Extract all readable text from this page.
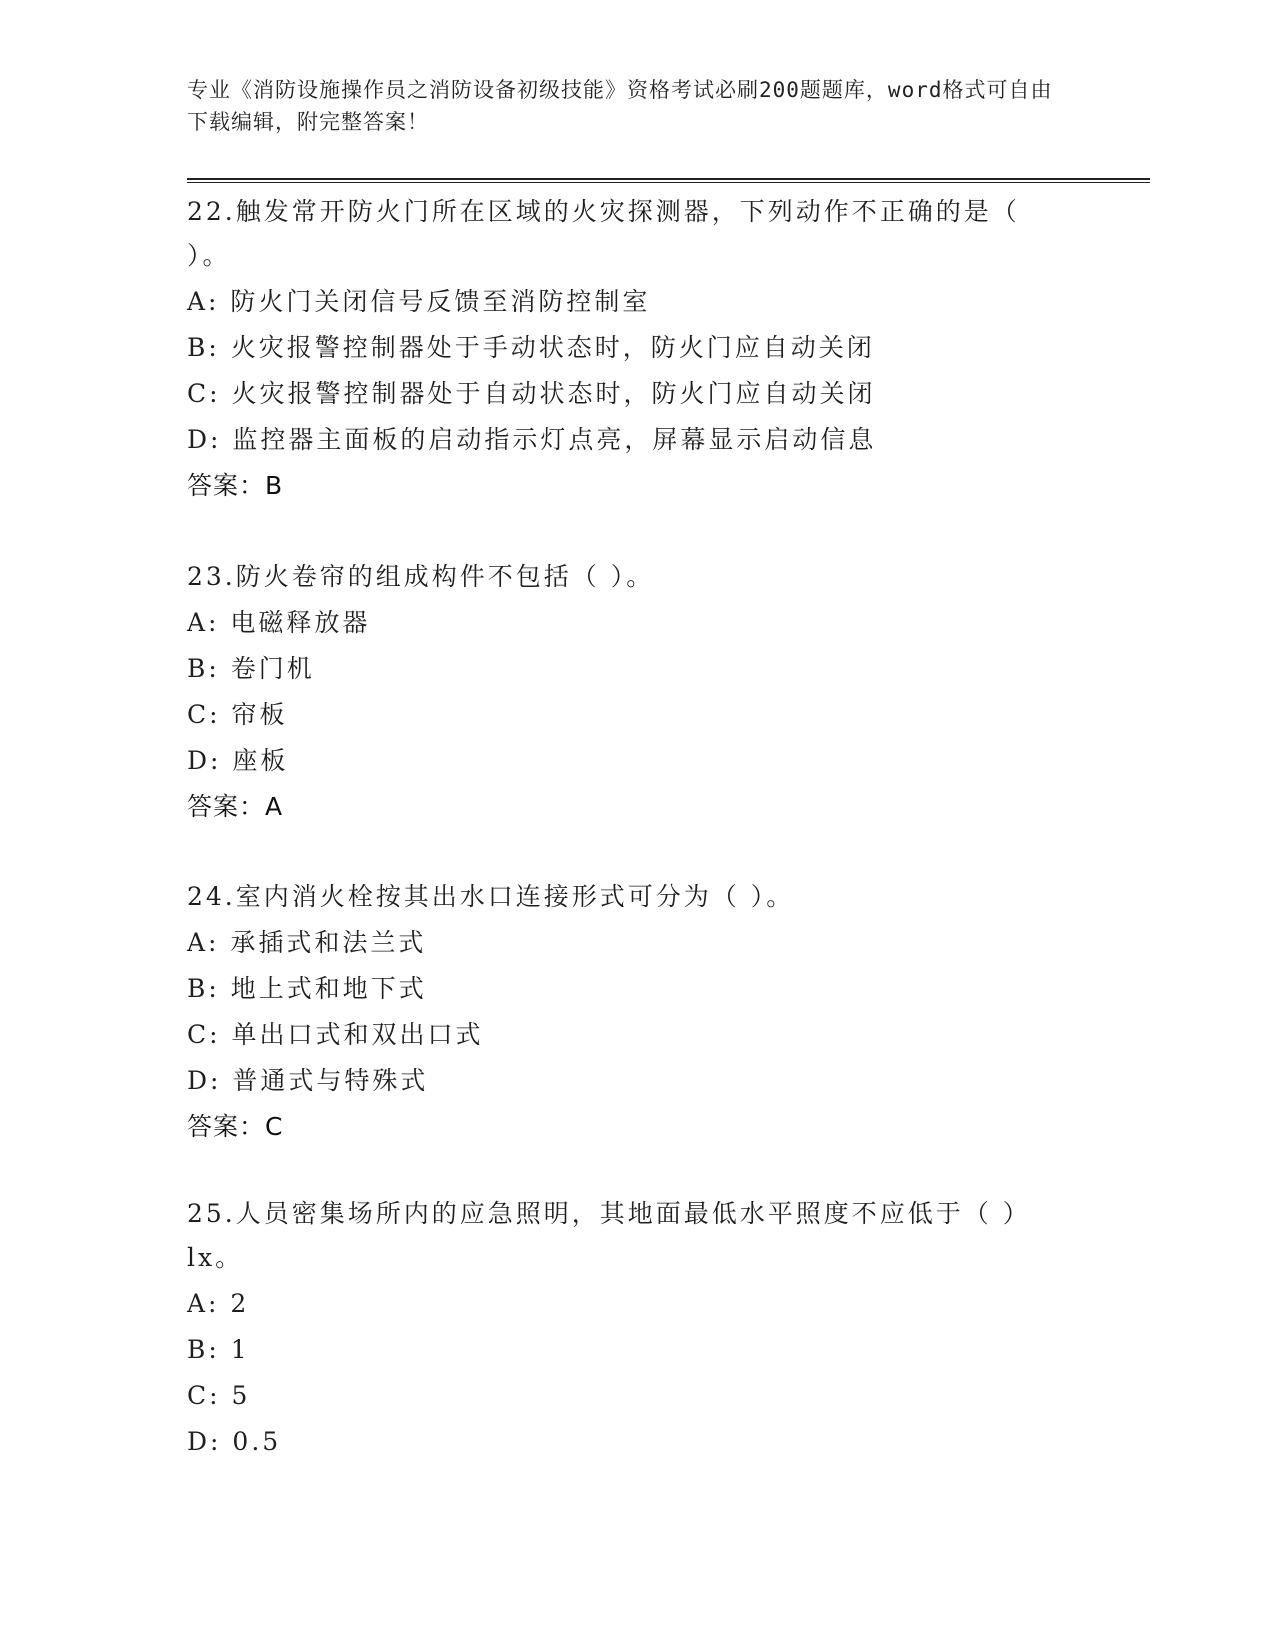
专业《消防设施操作员之消防设备初级技能》资格考试必刷200题题库，word格式可自由下载编辑，附完整答案！

22.触发常开防火门所在区域的火灾探测器，下列动作不正确的是（ ）。

A: 防火门关闭信号反馈至消防控制室

B: 火灾报警控制器处于手动状态时，防火门应自动关闭

C: 火灾报警控制器处于自动状态时，防火门应自动关闭

D: 监控器主面板的启动指示灯点亮，屏幕显示启动信息

答案：B

23.防火卷帘的组成构件不包括（ ）。

A: 电磁释放器

B: 卷门机

C: 帘板

D: 座板

答案：A

24.室内消火栓按其出水口连接形式可分为（ ）。

A: 承插式和法兰式

B: 地上式和地下式

C: 单出口式和双出口式

D: 普通式与特殊式

答案：C

25.人员密集场所内的应急照明，其地面最低水平照度不应低于（ ）lx。

A: 2

B: 1

C: 5

D: 0.5
